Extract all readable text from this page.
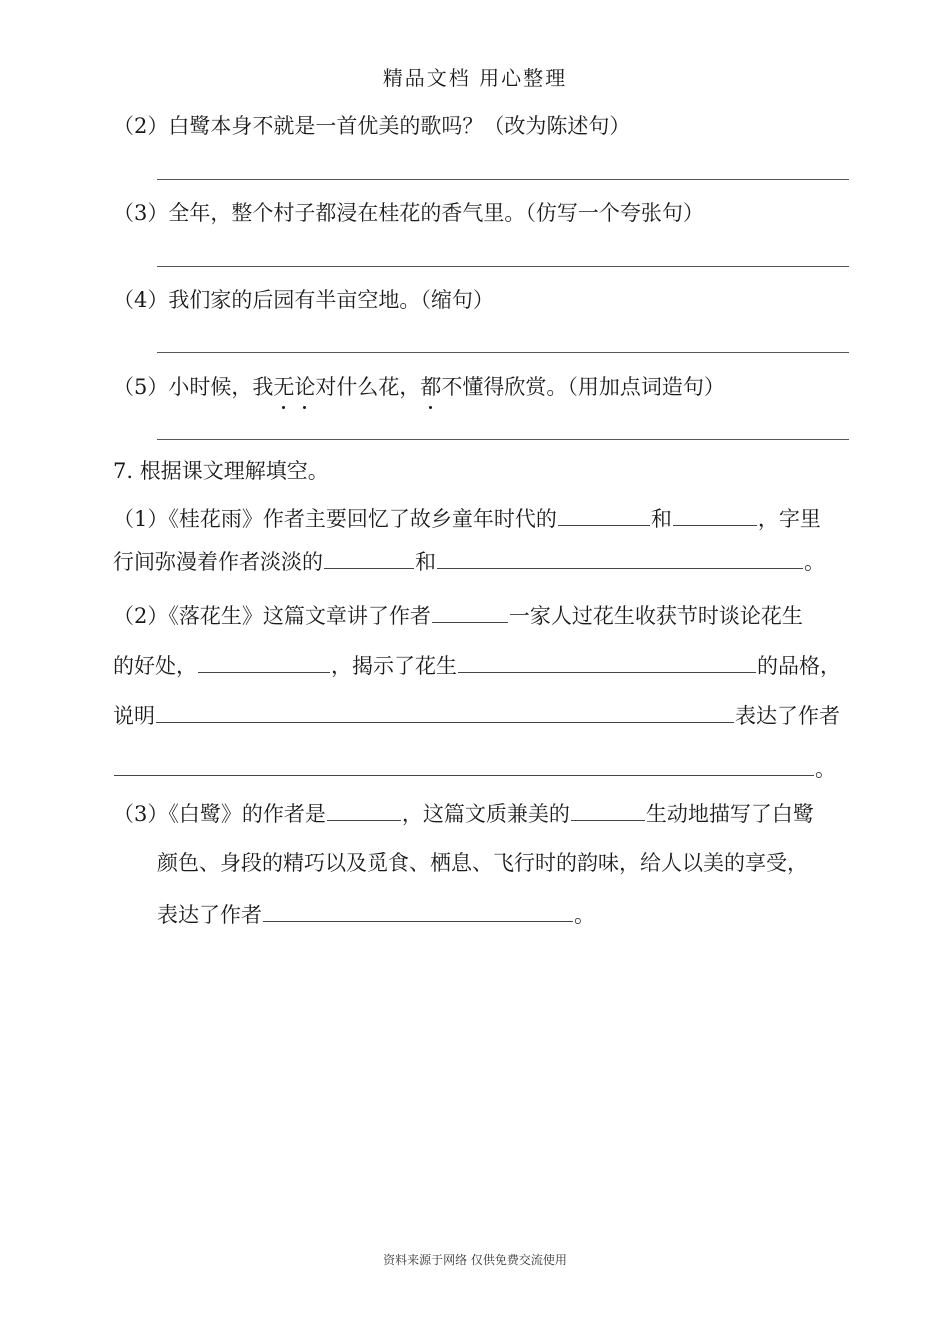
精品文档 用心整理
（2）白鹭本身不就是一首优美的歌吗？（改为陈述句）
（3）全年，整个村子都浸在桂花的香气里。（仿写一个夸张句）
（4）我们家的后园有半亩空地。（缩句）
（5）小时候，我无论对什么花，都不懂得欣赏。（用加点词造句）
7. 根据课文理解填空。
（1）《桂花雨》作者主要回忆了故乡童年时代的	和	，字里
行间弥漫着作者淡淡的	和	。
（2）《落花生》这篇文章讲了作者	一家人过花生收获节时谈论花生
的好处，	，揭示了花生	的品格，
说明	表达了作者
。
（3）《白鹭》的作者是	，这篇文质兼美的	生动地描写了白鹭
颜色、身段的精巧以及觅食、栖息、飞行时的韵味，给人以美的享受，
表达了作者	。
资料来源于网络 仅供免费交流使用
